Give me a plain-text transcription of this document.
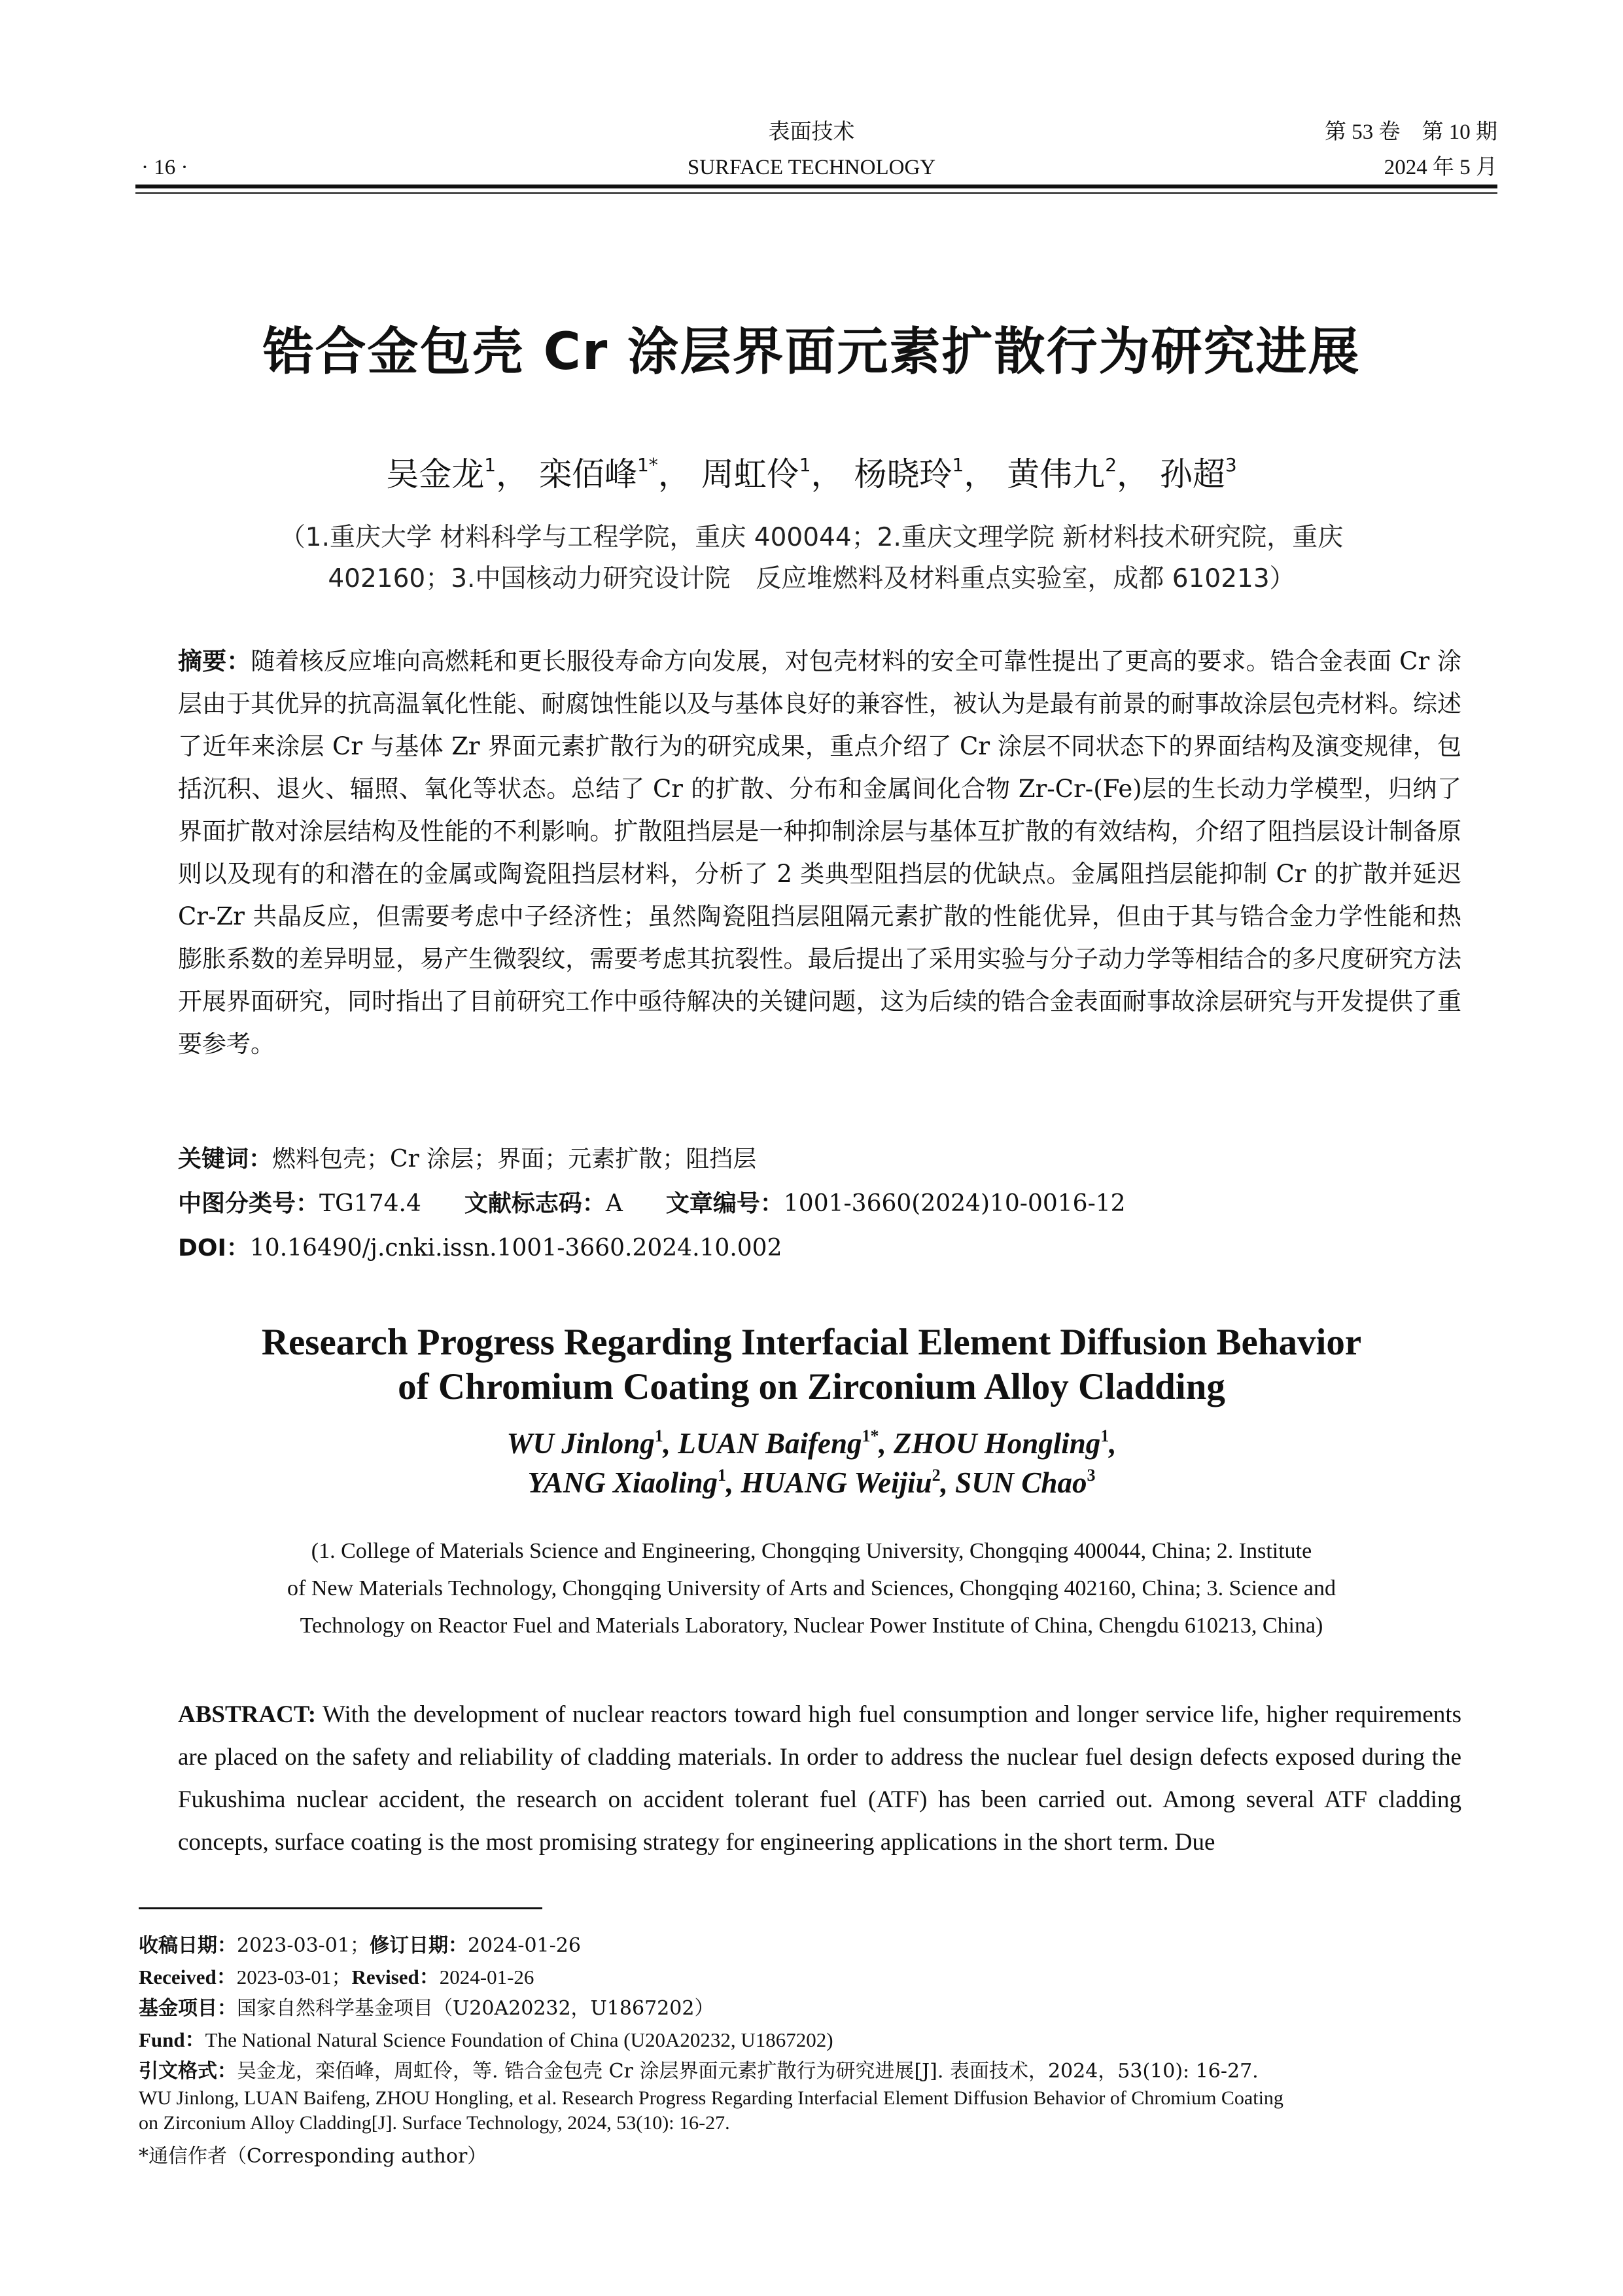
· 16 ·
表面技术
SURFACE TECHNOLOGY
第 53 卷　第 10 期
2024 年 5 月
锆合金包壳 Cr 涂层界面元素扩散行为研究进展
吴金龙$^1$， 栾佰峰$^{1*}$， 周虹伶$^1$， 杨晓玲$^1$， 黄伟九$^2$， 孙超$^3$
（1.重庆大学 材料科学与工程学院，重庆 400044；2.重庆文理学院 新材料技术研究院，重庆
402160；3.中国核动力研究设计院　反应堆燃料及材料重点实验室，成都 610213）
摘要：随着核反应堆向高燃耗和更长服役寿命方向发展，对包壳材料的安全可靠性提出了更高的要求。锆合金表面 Cr 涂层由于其优异的抗高温氧化性能、耐腐蚀性能以及与基体良好的兼容性，被认为是最有前景的耐事故涂层包壳材料。综述了近年来涂层 Cr 与基体 Zr 界面元素扩散行为的研究成果，重点介绍了 Cr 涂层不同状态下的界面结构及演变规律，包括沉积、退火、辐照、氧化等状态。总结了 Cr 的扩散、分布和金属间化合物 Zr-Cr-(Fe)层的生长动力学模型，归纳了界面扩散对涂层结构及性能的不利影响。扩散阻挡层是一种抑制涂层与基体互扩散的有效结构，介绍了阻挡层设计制备原则以及现有的和潜在的金属或陶瓷阻挡层材料，分析了 2 类典型阻挡层的优缺点。金属阻挡层能抑制 Cr 的扩散并延迟 Cr-Zr 共晶反应，但需要考虑中子经济性；虽然陶瓷阻挡层阻隔元素扩散的性能优异，但由于其与锆合金力学性能和热膨胀系数的差异明显，易产生微裂纹，需要考虑其抗裂性。最后提出了采用实验与分子动力学等相结合的多尺度研究方法开展界面研究，同时指出了目前研究工作中亟待解决的关键问题，这为后续的锆合金表面耐事故涂层研究与开发提供了重要参考。
关键词：燃料包壳；Cr 涂层；界面；元素扩散；阻挡层
中图分类号：TG174.4 文献标志码：A 文章编号：1001-3660(2024)10-0016-12
DOI：10.16490/j.cnki.issn.1001-3660.2024.10.002
Research Progress Regarding Interfacial Element Diffusion Behavior
of Chromium Coating on Zirconium Alloy Cladding
WU Jinlong$^1$, LUAN Baifeng$^{1*}$, ZHOU Hongling$^1$,
YANG Xiaoling$^1$, HUANG Weijiu$^2$, SUN Chao$^3$
(1. College of Materials Science and Engineering, Chongqing University, Chongqing 400044, China; 2. Institute
of New Materials Technology, Chongqing University of Arts and Sciences, Chongqing 402160, China; 3. Science and
Technology on Reactor Fuel and Materials Laboratory, Nuclear Power Institute of China, Chengdu 610213, China)
ABSTRACT: With the development of nuclear reactors toward high fuel consumption and longer service life, higher requirements are placed on the safety and reliability of cladding materials. In order to address the nuclear fuel design defects exposed during the Fukushima nuclear accident, the research on accident tolerant fuel (ATF) has been carried out. Among several ATF cladding concepts, surface coating is the most promising strategy for engineering applications in the short term. Due
收稿日期：2023-03-01；修订日期：2024-01-26
Received：2023-03-01；Revised：2024-01-26
基金项目：国家自然科学基金项目（U20A20232，U1867202）
Fund：The National Natural Science Foundation of China (U20A20232, U1867202)
引文格式：吴金龙，栾佰峰，周虹伶，等. 锆合金包壳 Cr 涂层界面元素扩散行为研究进展[J]. 表面技术，2024，53(10): 16-27.
WU Jinlong, LUAN Baifeng, ZHOU Hongling, et al. Research Progress Regarding Interfacial Element Diffusion Behavior of Chromium Coating
on Zirconium Alloy Cladding[J]. Surface Technology, 2024, 53(10): 16-27.
*通信作者（Corresponding author）
